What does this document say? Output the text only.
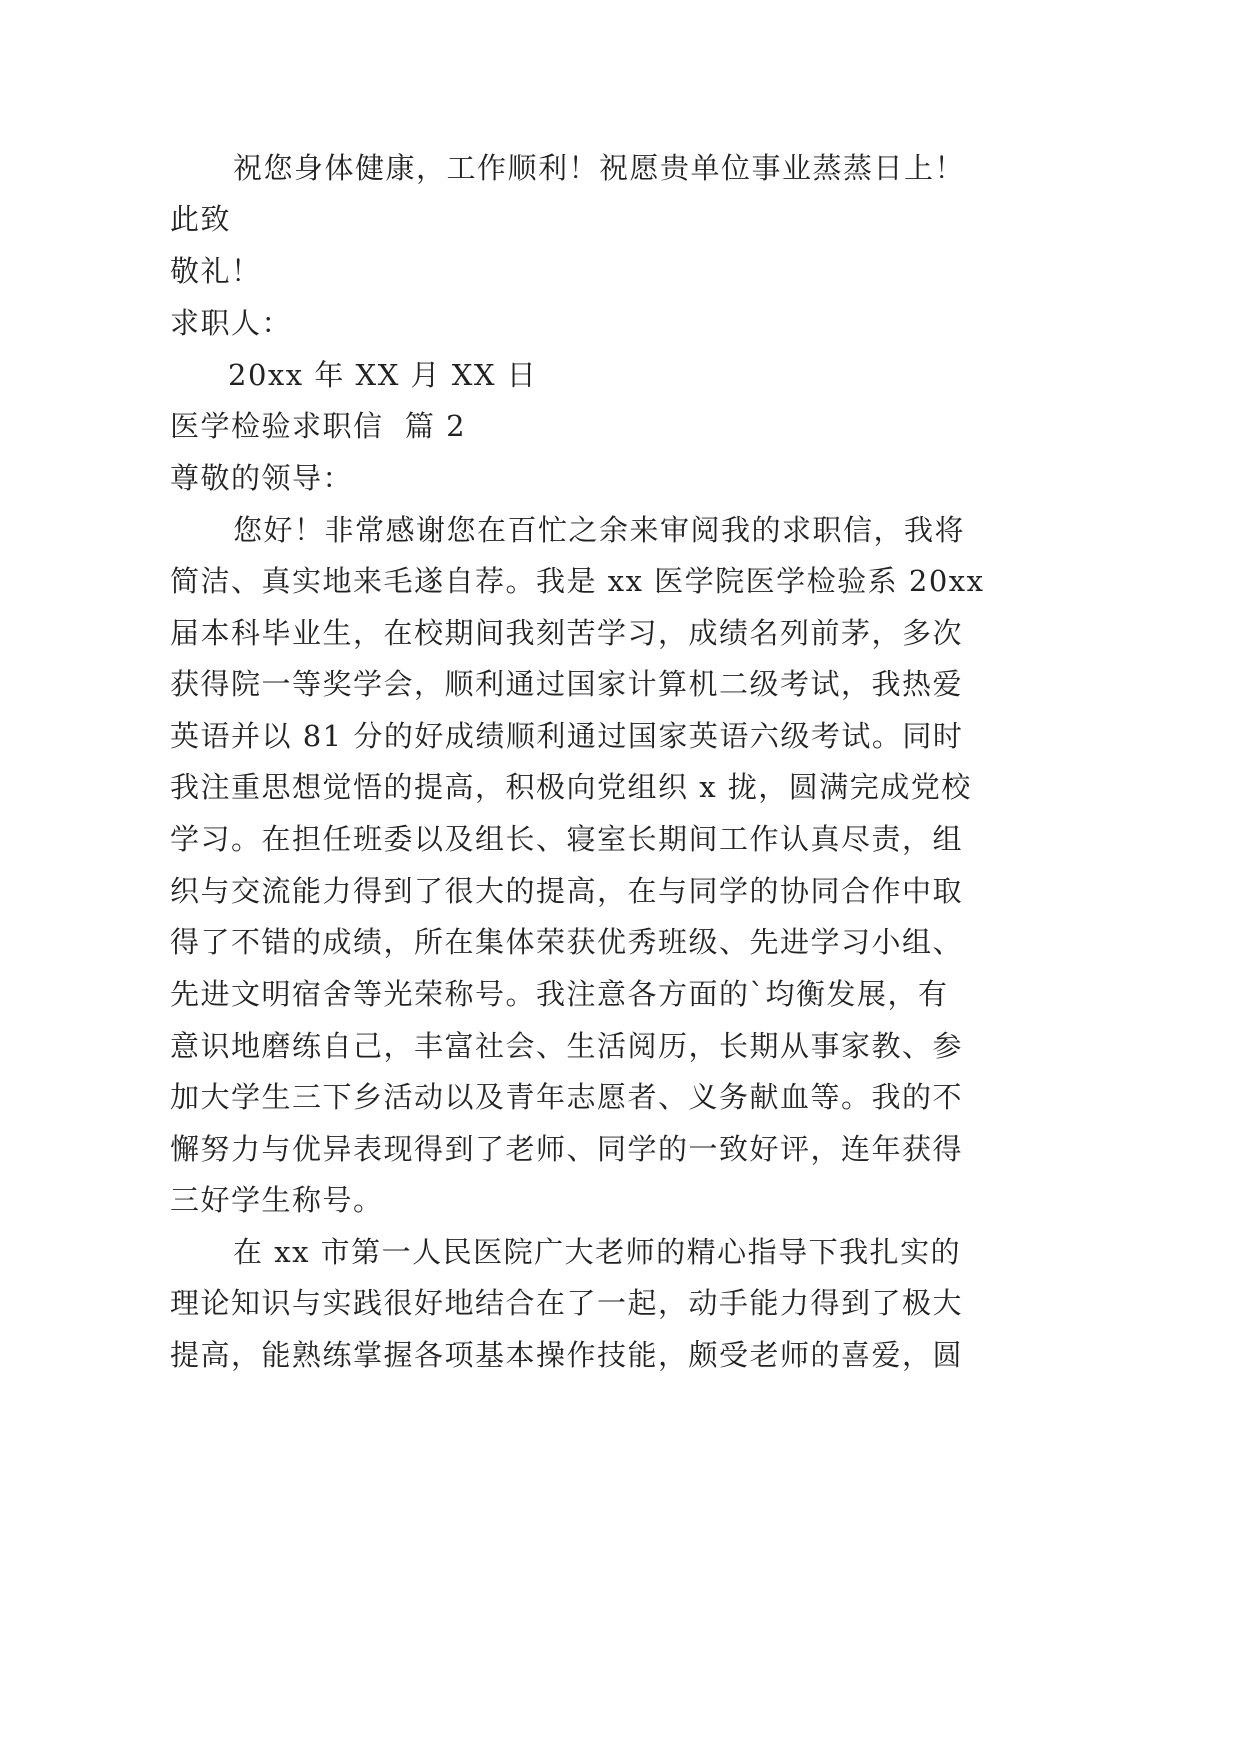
祝您身体健康，工作顺利！祝愿贵单位事业蒸蒸日上！
此致
敬礼！
求职人：
20xx 年 XX 月 XX 日
医学检验求职信  篇 2
尊敬的领导：
您好！非常感谢您在百忙之余来审阅我的求职信，我将
简洁、真实地来毛遂自荐。我是 xx 医学院医学检验系 20xx
届本科毕业生，在校期间我刻苦学习，成绩名列前茅，多次
获得院一等奖学会，顺利通过国家计算机二级考试，我热爱
英语并以 81 分的好成绩顺利通过国家英语六级考试。同时
我注重思想觉悟的提高，积极向党组织 x 拢，圆满完成党校
学习。在担任班委以及组长、寝室长期间工作认真尽责，组
织与交流能力得到了很大的提高，在与同学的协同合作中取
得了不错的成绩，所在集体荣获优秀班级、先进学习小组、
先进文明宿舍等光荣称号。我注意各方面的`均衡发展，有
意识地磨练自己，丰富社会、生活阅历，长期从事家教、参
加大学生三下乡活动以及青年志愿者、义务献血等。我的不
懈努力与优异表现得到了老师、同学的一致好评，连年获得
三好学生称号。
在 xx 市第一人民医院广大老师的精心指导下我扎实的
理论知识与实践很好地结合在了一起，动手能力得到了极大
提高，能熟练掌握各项基本操作技能，颇受老师的喜爱，圆
